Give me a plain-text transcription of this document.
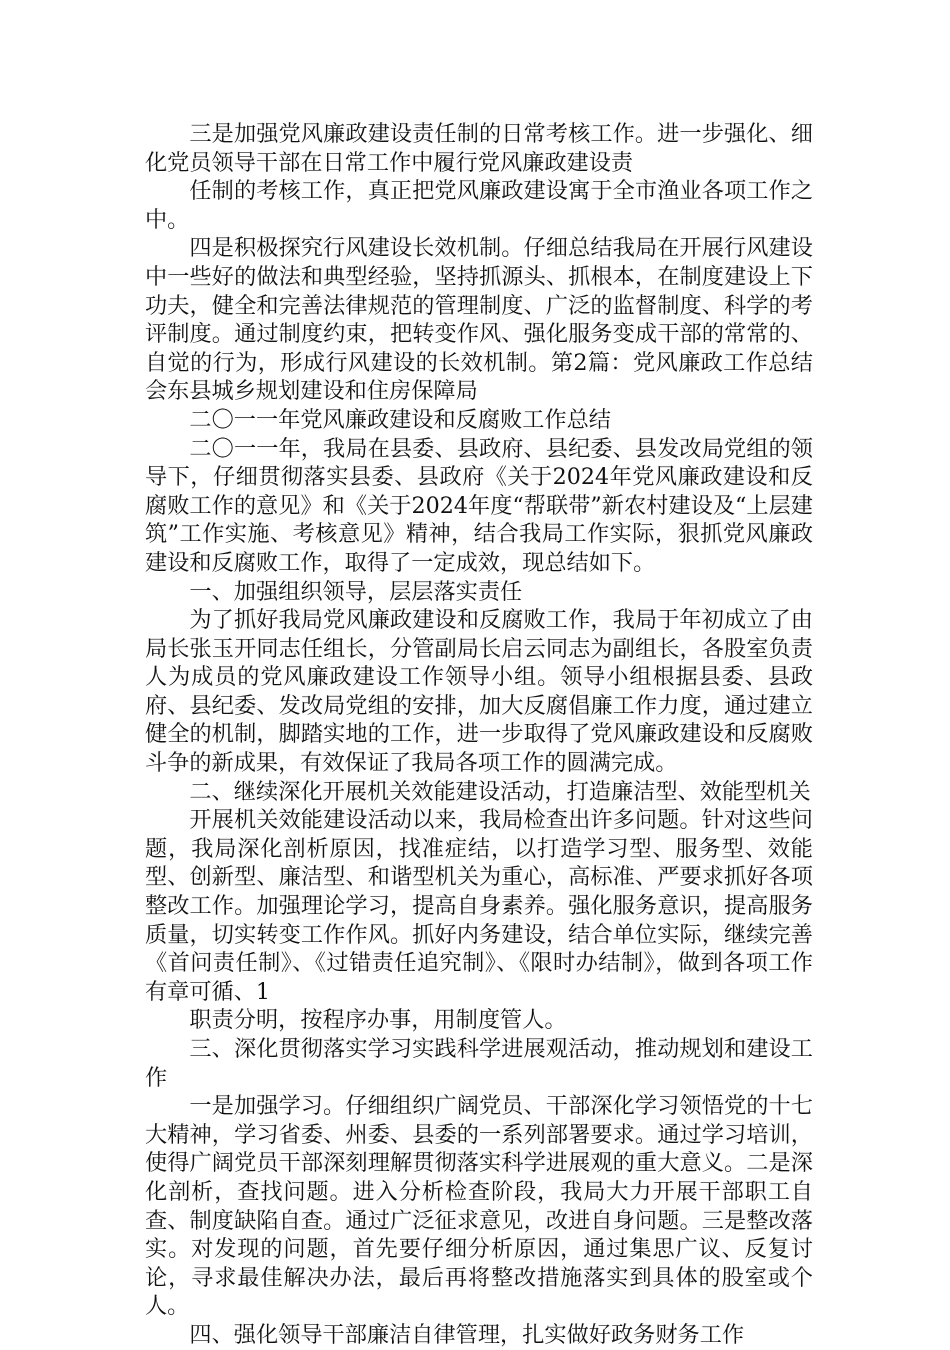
三是加强党风廉政建设责任制的日常考核工作。进一步强化、细化党员领导干部在日常工作中履行党风廉政建设责

任制的考核工作，真正把党风廉政建设寓于全市渔业各项工作之中。

四是积极探究行风建设长效机制。仔细总结我局在开展行风建设中一些好的做法和典型经验，坚持抓源头、抓根本，在制度建设上下功夫，健全和完善法律规范的管理制度、广泛的监督制度、科学的考评制度。通过制度约束，把转变作风、强化服务变成干部的常常的、自觉的行为，形成行风建设的长效机制。第2篇：党风廉政工作总结会东县城乡规划建设和住房保障局

二〇一一年党风廉政建设和反腐败工作总结

二〇一一年，我局在县委、县政府、县纪委、县发改局党组的领导下，仔细贯彻落实县委、县政府《关于2024年党风廉政建设和反腐败工作的意见》和《关于2024年度“帮联带”新农村建设及“上层建筑”工作实施、考核意见》精神，结合我局工作实际，狠抓党风廉政建设和反腐败工作，取得了一定成效，现总结如下。

一、加强组织领导，层层落实责任

为了抓好我局党风廉政建设和反腐败工作，我局于年初成立了由局长张玉开同志任组长，分管副局长启云同志为副组长，各股室负责人为成员的党风廉政建设工作领导小组。领导小组根据县委、县政府、县纪委、发改局党组的安排，加大反腐倡廉工作力度，通过建立健全的机制，脚踏实地的工作，进一步取得了党风廉政建设和反腐败斗争的新成果，有效保证了我局各项工作的圆满完成。

二、继续深化开展机关效能建设活动，打造廉洁型、效能型机关

开展机关效能建设活动以来，我局检查出许多问题。针对这些问题，我局深化剖析原因，找准症结，以打造学习型、服务型、效能型、创新型、廉洁型、和谐型机关为重心，高标准、严要求抓好各项整改工作。加强理论学习，提高自身素养。强化服务意识，提高服务质量，切实转变工作作风。抓好内务建设，结合单位实际，继续完善《首问责任制》、《过错责任追究制》、《限时办结制》，做到各项工作有章可循、1

职责分明，按程序办事，用制度管人。

三、深化贯彻落实学习实践科学进展观活动，推动规划和建设工作

一是加强学习。仔细组织广阔党员、干部深化学习领悟党的十七大精神，学习省委、州委、县委的一系列部署要求。通过学习培训，使得广阔党员干部深刻理解贯彻落实科学进展观的重大意义。二是深化剖析，查找问题。进入分析检查阶段，我局大力开展干部职工自查、制度缺陷自查。通过广泛征求意见，改进自身问题。三是整改落实。对发现的问题，首先要仔细分析原因，通过集思广议、反复讨论，寻求最佳解决办法，最后再将整改措施落实到具体的股室或个人。

四、强化领导干部廉洁自律管理，扎实做好政务财务工作
